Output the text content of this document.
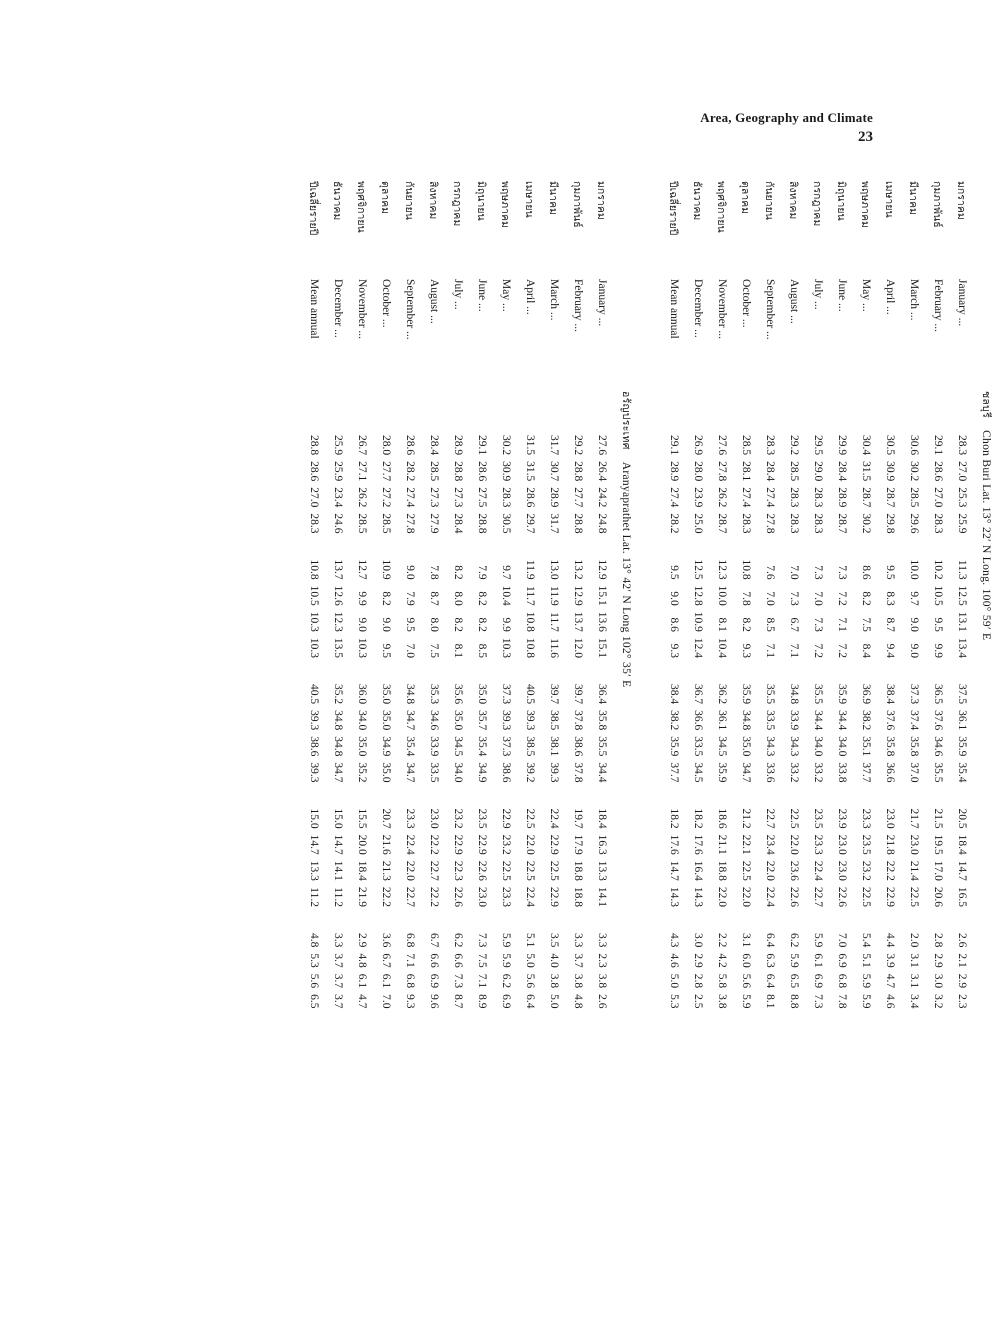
Area, Geography and Climate
23
ชลบุรีChon Buri Lat. 13° 22′ N Long. 100° 59′ E																									

มกราคม	January ...	28.3	27.0	25.3	25.9		11.3	12.5	13.1	13.4		37.5	36.1	35.9	35.4		20.5	18.4	14.7	16.5		2.6	2.1	2.9	2.3
กุมภาพันธ์	February ...	29.1	28.6	27.0	28.3		10.2	10.5	9.5	9.9		36.5	37.6	34.6	35.5		21.5	19.5	17.0	20.6		2.8	2.9	3.0	3.2
มีนาคม	March ...	30.6	30.2	28.5	29.6		10.0	9.7	9.0	9.0		37.3	37.4	35.8	37.0		21.7	23.0	21.4	22.5		2.0	3.1	3.1	3.4
เมษายน	April ...	30.5	30.9	28.7	29.8		9.5	8.3	8.7	9.4		38.4	37.6	35.8	36.6		23.0	21.8	22.2	22.9		4.4	3.9	4.7	4.6
พฤษภาคม	May ...	30.4	31.5	28.7	30.2		8.6	8.2	7.5	8.4		36.9	38.2	35.1	37.7		23.3	23.5	23.2	22.5		5.4	5.1	5.9	5.9
มิถุนายน	June ...	29.9	28.4	28.9	28.7		7.3	7.2	7.1	7.2		35.9	34.4	34.0	33.8		23.9	23.0	23.0	22.6		7.0	6.9	6.8	7.8
กรกฎาคม	July ...	29.5	29.0	28.3	28.3		7.3	7.0	7.3	7.2		35.5	34.4	34.0	33.2		23.5	23.3	22.4	22.7		5.9	6.1	6.9	7.3
สิงหาคม	August ...	29.2	28.5	28.3	28.3		7.0	7.3	6.7	7.1		34.8	33.9	34.3	33.2		22.5	22.0	23.6	22.6		6.2	5.9	6.5	8.8
กันยายน	September ...	28.3	28.4	27.4	27.8		7.6	7.0	8.5	7.1		35.5	33.5	34.3	33.6		22.7	23.4	22.0	22.4		6.4	6.3	6.4	8.1
ตุลาคม	October ...	28.5	28.1	27.4	28.3		10.8	7.8	8.2	9.3		35.9	34.8	35.0	34.7		21.2	22.1	22.5	22.0		3.1	6.0	5.6	5.9
พฤศจิกายน	November ...	27.6	27.8	26.2	28.7		12.3	10.0	8.1	10.4		36.2	36.1	34.5	35.9		18.6	21.1	18.8	22.0		2.2	4.2	5.8	3.8
ธันวาคม	December ...	26.9	28.0	23.9	25.0		12.5	12.8	10.9	12.4		36.7	36.6	33.5	34.5		18.2	17.6	16.4	14.3		3.0	2.9	2.8	2.5
ปีเฉลี่ยรายปี	Mean annual	29.1	28.9	27.4	28.2		9.5	9.0	8.6	9.3		38.4	38.2	35.9	37.7		18.2	17.6	14.7	14.3		4.3	4.6	5.0	5.3

อรัญประเทศAranyaprathet Lat. 13° 42′ N Long 102° 35′ E																									

มกราคม	January ...	27.6	26.4	24.2	24.8		12.9	15.1	13.6	15.1		36.4	35.8	35.5	34.4		18.4	16.3	13.3	14.1		3.3	2.3	3.8	2.6
กุมภาพันธ์	February ...	29.2	28.8	27.7	28.8		13.2	12.9	13.7	12.0		39.7	37.8	38.6	37.8		19.7	17.9	18.8	18.8		3.3	3.7	3.8	4.8
มีนาคม	March ...	31.7	30.7	28.9	31.7		13.0	11.9	11.7	11.6		39.7	38.5	38.1	39.3		22.4	22.9	22.5	22.9		3.5	4.0	3.8	5.0
เมษายน	April ...	31.5	31.5	28.6	29.7		11.9	11.7	10.8	10.8		40.5	39.3	38.5	39.2		22.5	22.0	22.5	22.4		5.1	5.0	5.6	6.4
พฤษภาคม	May ...	30.2	30.9	28.3	30.5		9.7	10.4	9.9	10.3		37.3	39.3	37.3	38.6		22.9	23.2	22.5	23.3		5.9	5.9	6.2	6.9
มิถุนายน	June ...	29.1	28.6	27.5	28.8		7.9	8.2	8.2	8.5		35.0	35.7	35.4	34.9		23.5	22.9	22.6	23.0		7.3	7.5	7.1	8.9
กรกฎาคม	July ...	28.9	28.8	27.3	28.4		8.2	8.0	8.2	8.1		35.6	35.0	34.5	34.0		23.2	22.9	22.3	22.6		6.2	6.6	7.3	8.7
สิงหาคม	August ...	28.4	28.5	27.3	27.9		7.8	8.7	8.0	7.5		35.3	34.6	33.9	33.5		23.0	22.2	22.7	22.2		6.7	6.6	6.9	9.6
กันยายน	September ...	28.6	28.2	27.4	27.8		9.0	7.9	9.5	7.0		34.8	34.7	35.4	34.7		23.3	22.4	22.0	22.7		6.8	7.1	6.8	9.3
ตุลาคม	October ...	28.0	27.7	27.2	28.5		10.9	8.2	9.0	9.5		35.0	35.0	34.9	35.0		20.7	21.6	21.3	22.2		3.6	6.7	6.1	7.0
พฤศจิกายน	November ...	26.7	27.1	26.2	28.5		12.7	9.9	9.0	10.3		36.0	34.0	35.0	35.2		15.5	20.0	18.4	21.9		2.9	4.8	6.1	4.7
ธันวาคม	December ...	25.9	25.9	23.4	24.6		13.7	12.6	12.3	13.5		35.2	34.8	34.8	34.7		15.0	14.7	14.1	11.2		3.3	3.7	3.7	3.7
ปีเฉลี่ยรายปี	Mean annual	28.8	28.6	27.0	28.3		10.8	10.5	10.3	10.3		40.5	39.3	38.6	39.3		15.0	14.7	13.3	11.2		4.8	5.3	5.6	6.5
